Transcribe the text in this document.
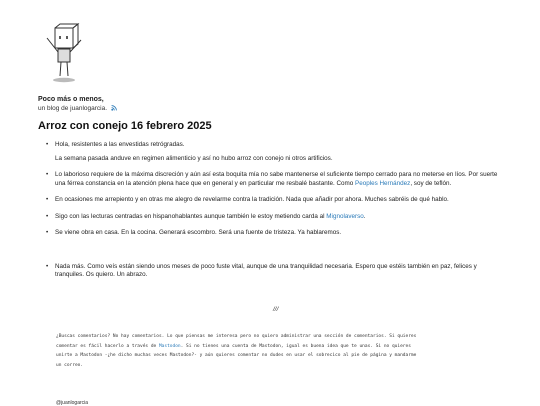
Poco más o menos,
un blog de juanlogarcia.
Arroz con conejo 16 febrero 2025
• Hola, resistentes a las envestidas retrógradas.

La semana pasada anduve en regimen alimenticio y así no hubo arroz con conejo ni otros artificios.

• Lo laborioso requiere de la máxima discreción y aún así esta boquita mía no sabe mantenerse el suficiente tiempo cerrado para no meterse en líos. Por suerte una férrea constancia en la atención plena hace que en general y en particular me resbalé bastante. Como Peoples Hernández, soy de teflón.
• En ocasiones me arrepiento y en otras me alegro de revelarme contra la tradición. Nada que añadir por ahora. Muches sabréis de qué hablo.
• Sigo con las lecturas centradas en hispanohablantes aunque también le estoy metiendo carda al Mignolaverso.
• Se viene obra en casa. En la cocina. Generará escombro. Será una fuente de tristeza. Ya hablaremos.
• Nada más. Como veís están siendo unos meses de poco fuste vital, aunque de una tranquilidad necesaria. Espero que estéis también en paz, felices y tranquiles. Os quiero. Un abrazo.
///
¿Buscas comentarios? No hay comentarios. Lo que piensas me interesa pero no quiero administrar una sección de comentarios. Si quieres
comentar es fácil hacerlo a través de Mastodon. Si no tienes una cuenta de Mastodon, igual es buena idea que te unas. Si no quieres
unirte a Mastodon -¿he dicho muchas veces Mastodon?- y aún quieres comentar no dudes en usar el sobrecico al pie de página y mandarme
un correo.
@juanlogarcia
